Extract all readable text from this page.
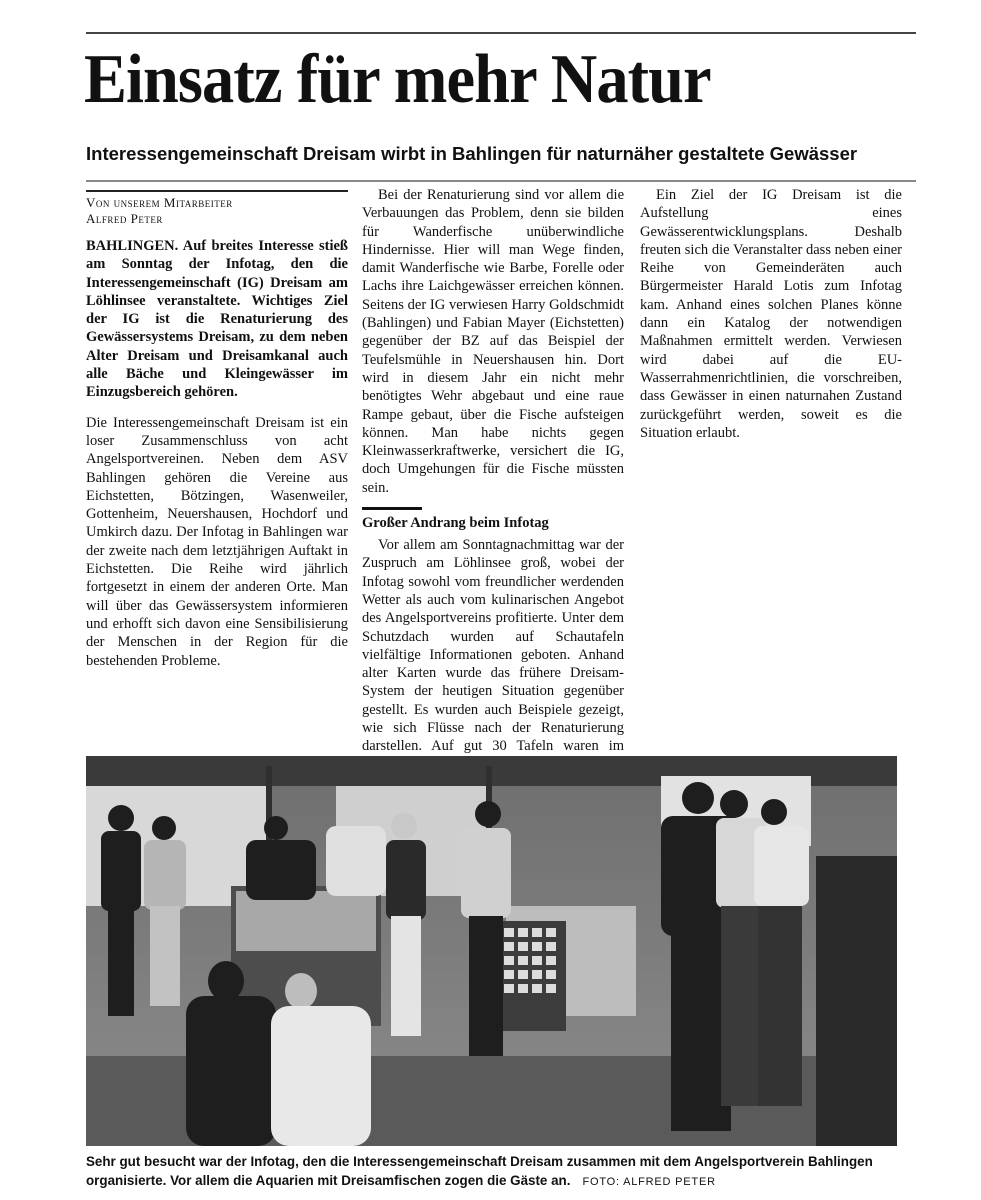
Einsatz für mehr Natur
Interessengemeinschaft Dreisam wirbt in Bahlingen für naturnäher gestaltete Gewässer
Von unserem Mitarbeiter
Alfred Peter

BAHLINGEN. Auf breites Interesse stieß am Sonntag der Infotag, den die Interessengemeinschaft (IG) Dreisam am Löhlinsee veranstaltete. Wichtiges Ziel der IG ist die Renaturierung des Gewässersystems Dreisam, zu dem neben Alter Dreisam und Dreisamkanal auch alle Bäche und Kleingewässer im Einzugsbereich gehören.

Die Interessengemeinschaft Dreisam ist ein loser Zusammenschluss von acht Angelsportvereinen. Neben dem ASV Bahlingen gehören die Vereine aus Eichstetten, Bötzingen, Wasenweiler, Gottenheim, Neuershausen, Hochdorf und Umkirch dazu. Der Infotag in Bahlingen war der zweite nach dem letztjährigen Auftakt in Eichstetten. Die Reihe wird jährlich fortgesetzt in einem der anderen Orte. Man will über das Gewässersystem informieren und erhofft sich davon eine Sensibilisierung der Menschen in der Region für die bestehenden Probleme.

Bei der Renaturierung sind vor allem die Verbauungen das Problem, denn sie bilden für Wanderfische unüberwindliche Hindernisse. Hier will man Wege finden, damit Wanderfische wie Barbe, Forelle oder Lachs ihre Laichgewässer erreichen können. Seitens der IG verwiesen Harry Goldschmidt (Bahlingen) und Fabian Mayer (Eichstetten) gegenüber der BZ auf das Beispiel der Teufelsmühle in Neuershausen hin. Dort wird in diesem Jahr ein nicht mehr benötigtes Wehr abgebaut und eine raue Rampe gebaut, über die Fische aufsteigen können. Man habe nichts gegen Kleinwasserkraftwerke, versichert die IG, doch Umgehungen für die Fische müssten sein.

Großer Andrang beim Infotag

Vor allem am Sonntagnachmittag war der Zuspruch am Löhlinsee groß, wobei der Infotag sowohl vom freundlicher werdenden Wetter als auch vom kulinarischen Angebot des Angelsportvereins profitierte. Unter dem Schutzdach wurden auf Schautafeln vielfältige Informationen geboten. Anhand alter Karten wurde das frühere Dreisam-System der heutigen Situation gegenüber gestellt. Es wurden auch Beispiele gezeigt, wie sich Flüsse nach der Renaturierung darstellen. Auf gut 30 Tafeln waren im

Ein Ziel der IG Dreisam ist die Aufstellung eines Gewässerentwicklungsplans. Deshalb freuten sich die Veranstalter dass neben einer Reihe von Gemeinderäten auch Bürgermeister Harald Lotis zum Infotag kam. Anhand eines solchen Planes könne dann ein Katalog der notwendigen Maßnahmen ermittelt werden. Verwiesen wird dabei auf die EU-Wasserrahmenrichtlinien, die vorschreiben, dass Gewässer in einen naturnahen Zustand zurückgeführt werden, soweit es die Situation erlaubt.

Sehr gut besucht war der Infotag, den die Interessengemeinschaft Dreisam zusammen mit dem Angelsportverein Bahlingen organisierte. Vor allem die Aquarien mit Dreisamfischen zogen die Gäste an. FOTO: ALFRED PETER
